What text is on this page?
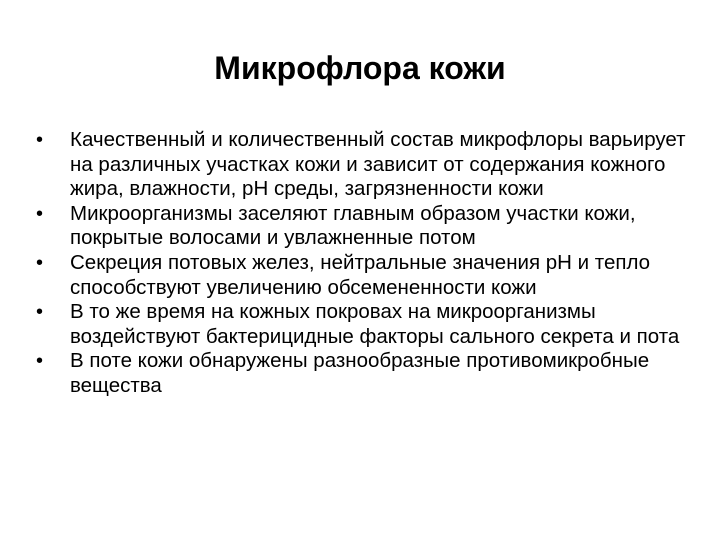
Микрофлора кожи
•	Качественный и количественный состав микрофлоры варьирует на различных участках кожи и зависит от содержания кожного жира, влажности, pH среды, загрязненности кожи
•	Микроорганизмы заселяют главным образом участки кожи, покрытые волосами и увлажненные потом
•	Секреция потовых желез, нейтральные значения pH и тепло способствуют увеличению обсемененности кожи
•	В то же время на кожных покровах на микроорганизмы воздействуют бактерицидные факторы сального секрета и пота
•	В поте кожи обнаружены разнообразные противомикробные вещества
